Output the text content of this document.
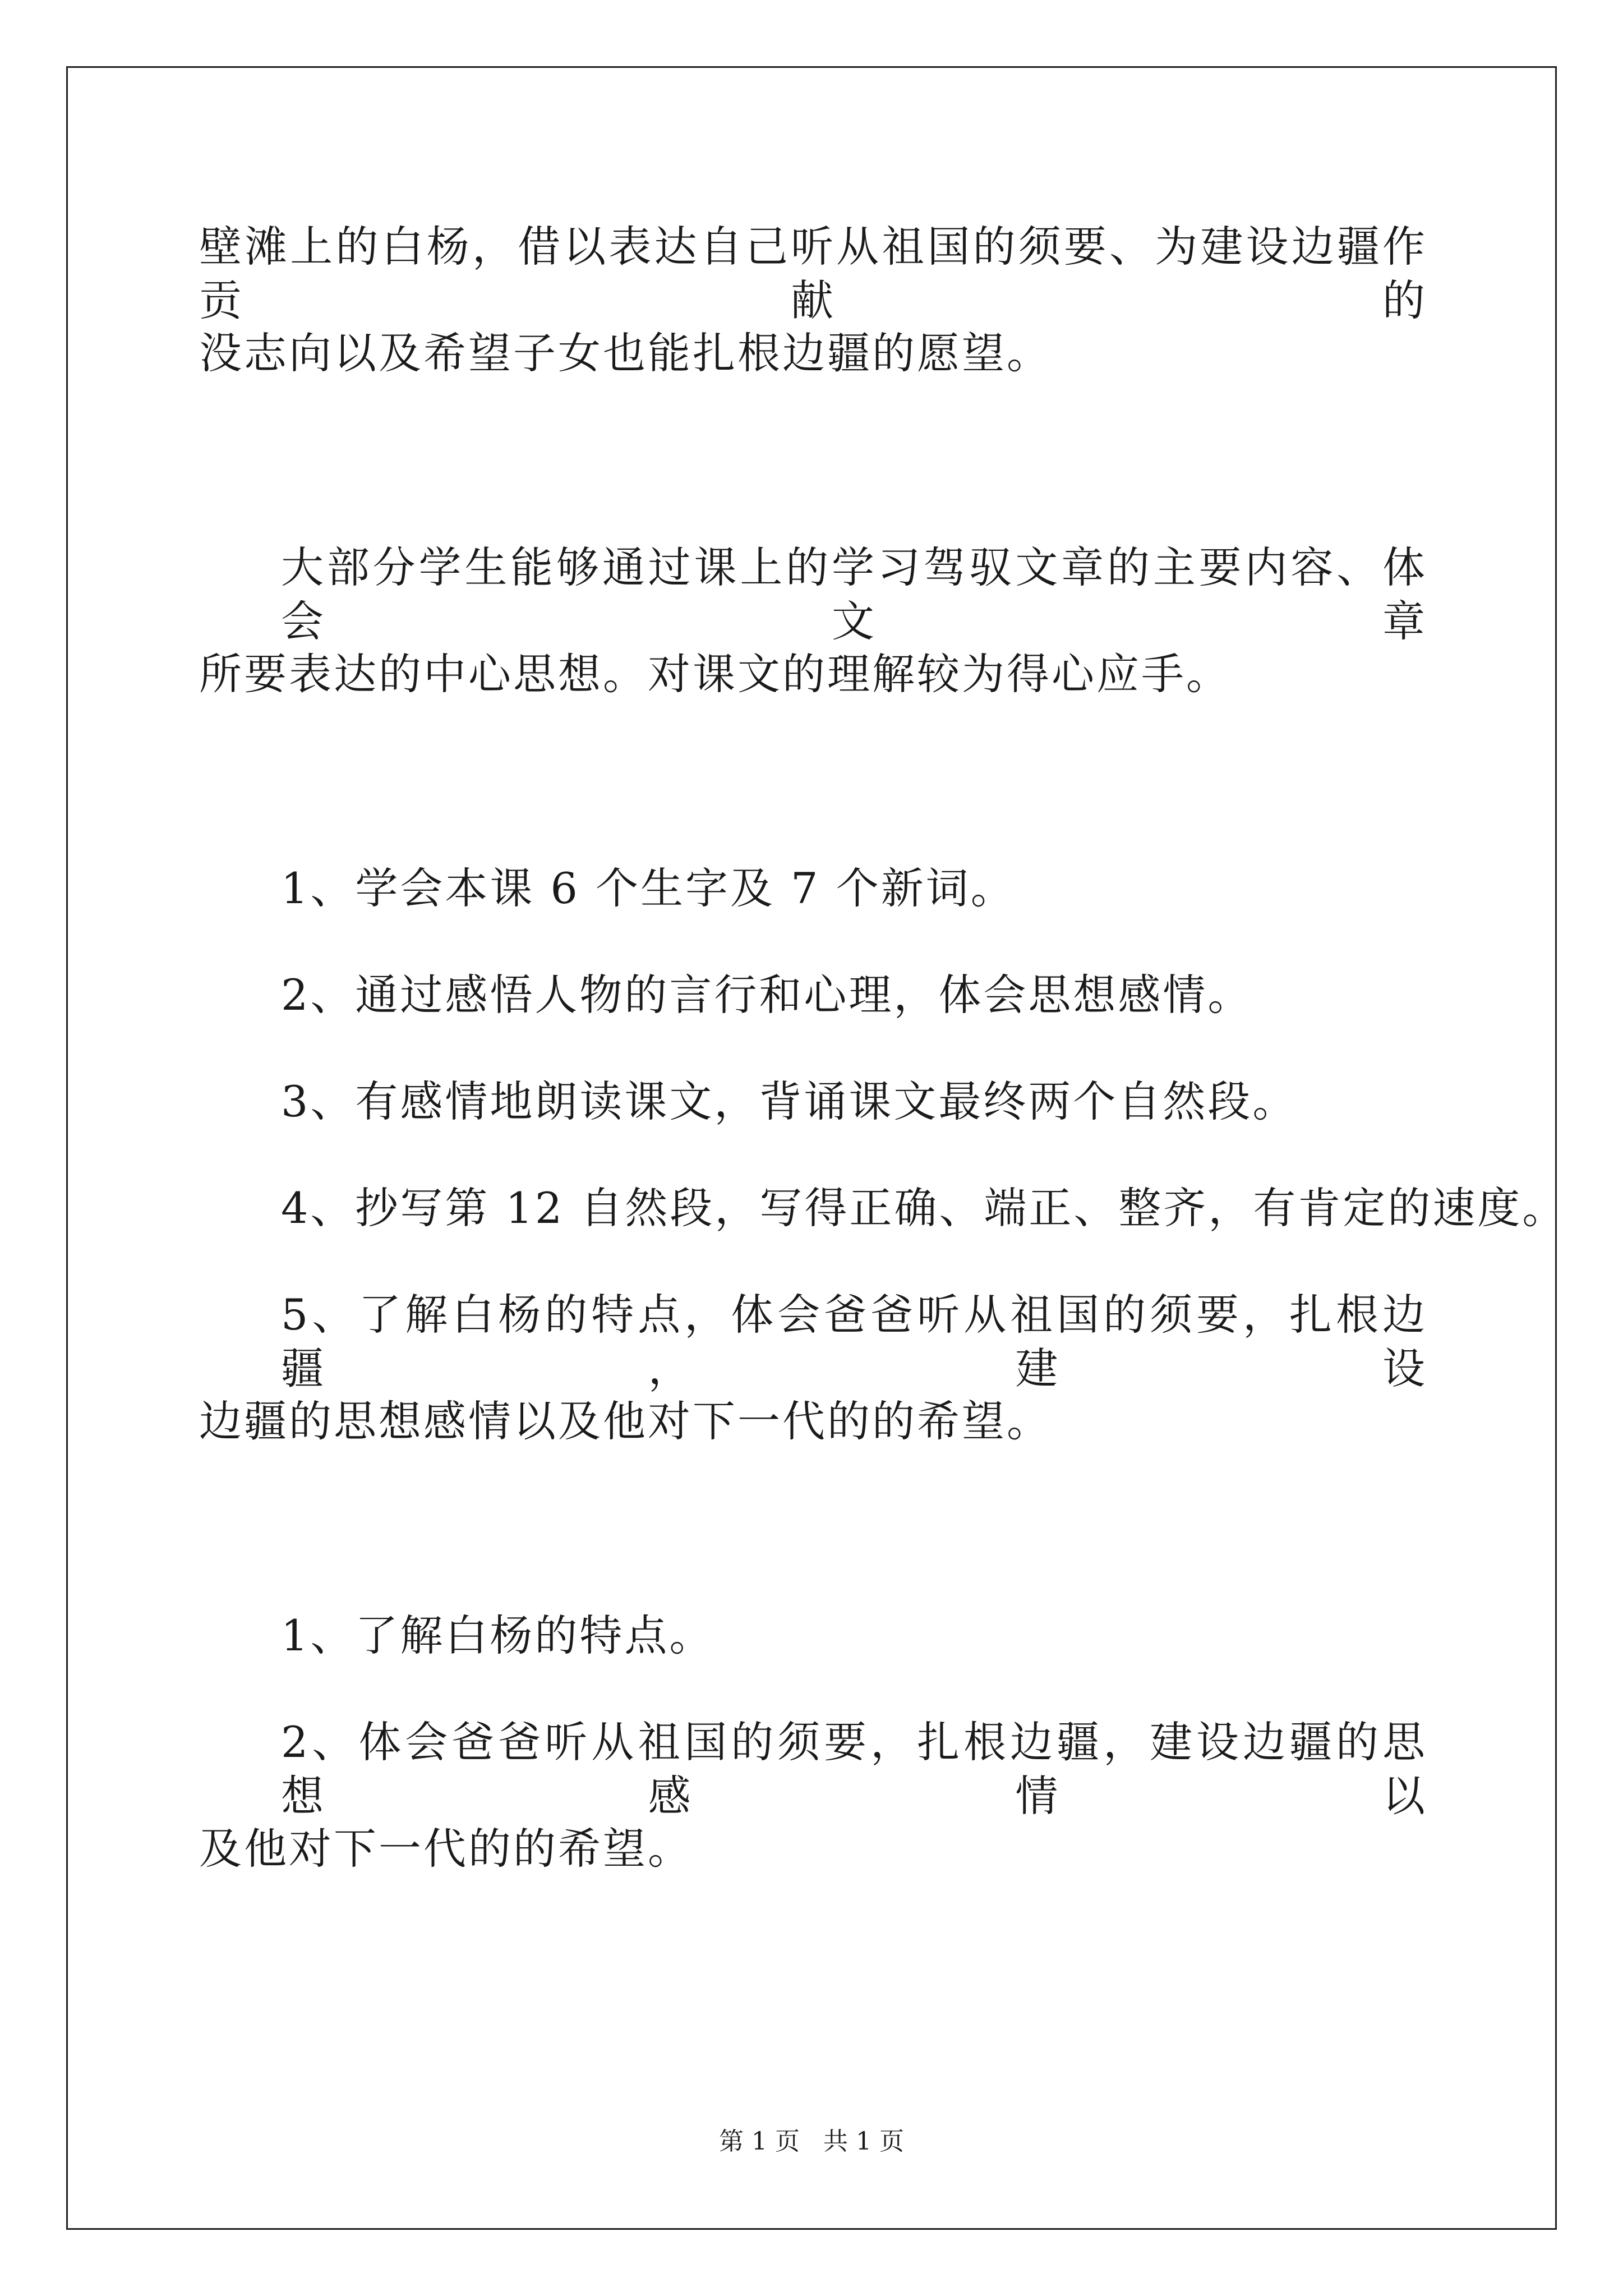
壁滩上的白杨，借以表达自己听从祖国的须要、为建设边疆作贡献的
没志向以及希望子女也能扎根边疆的愿望。
大部分学生能够通过课上的学习驾驭文章的主要内容、体会文章
所要表达的中心思想。对课文的理解较为得心应手。
1、学会本课 6 个生字及 7 个新词。
2、通过感悟人物的言行和心理，体会思想感情。
3、有感情地朗读课文，背诵课文最终两个自然段。
4、抄写第 12 自然段，写得正确、端正、整齐，有肯定的速度。
5、了解白杨的特点，体会爸爸听从祖国的须要，扎根边疆，建设
边疆的思想感情以及他对下一代的的希望。
1、了解白杨的特点。
2、体会爸爸听从祖国的须要，扎根边疆，建设边疆的思想感情以
及他对下一代的的希望。
第 1 页 共 1 页
